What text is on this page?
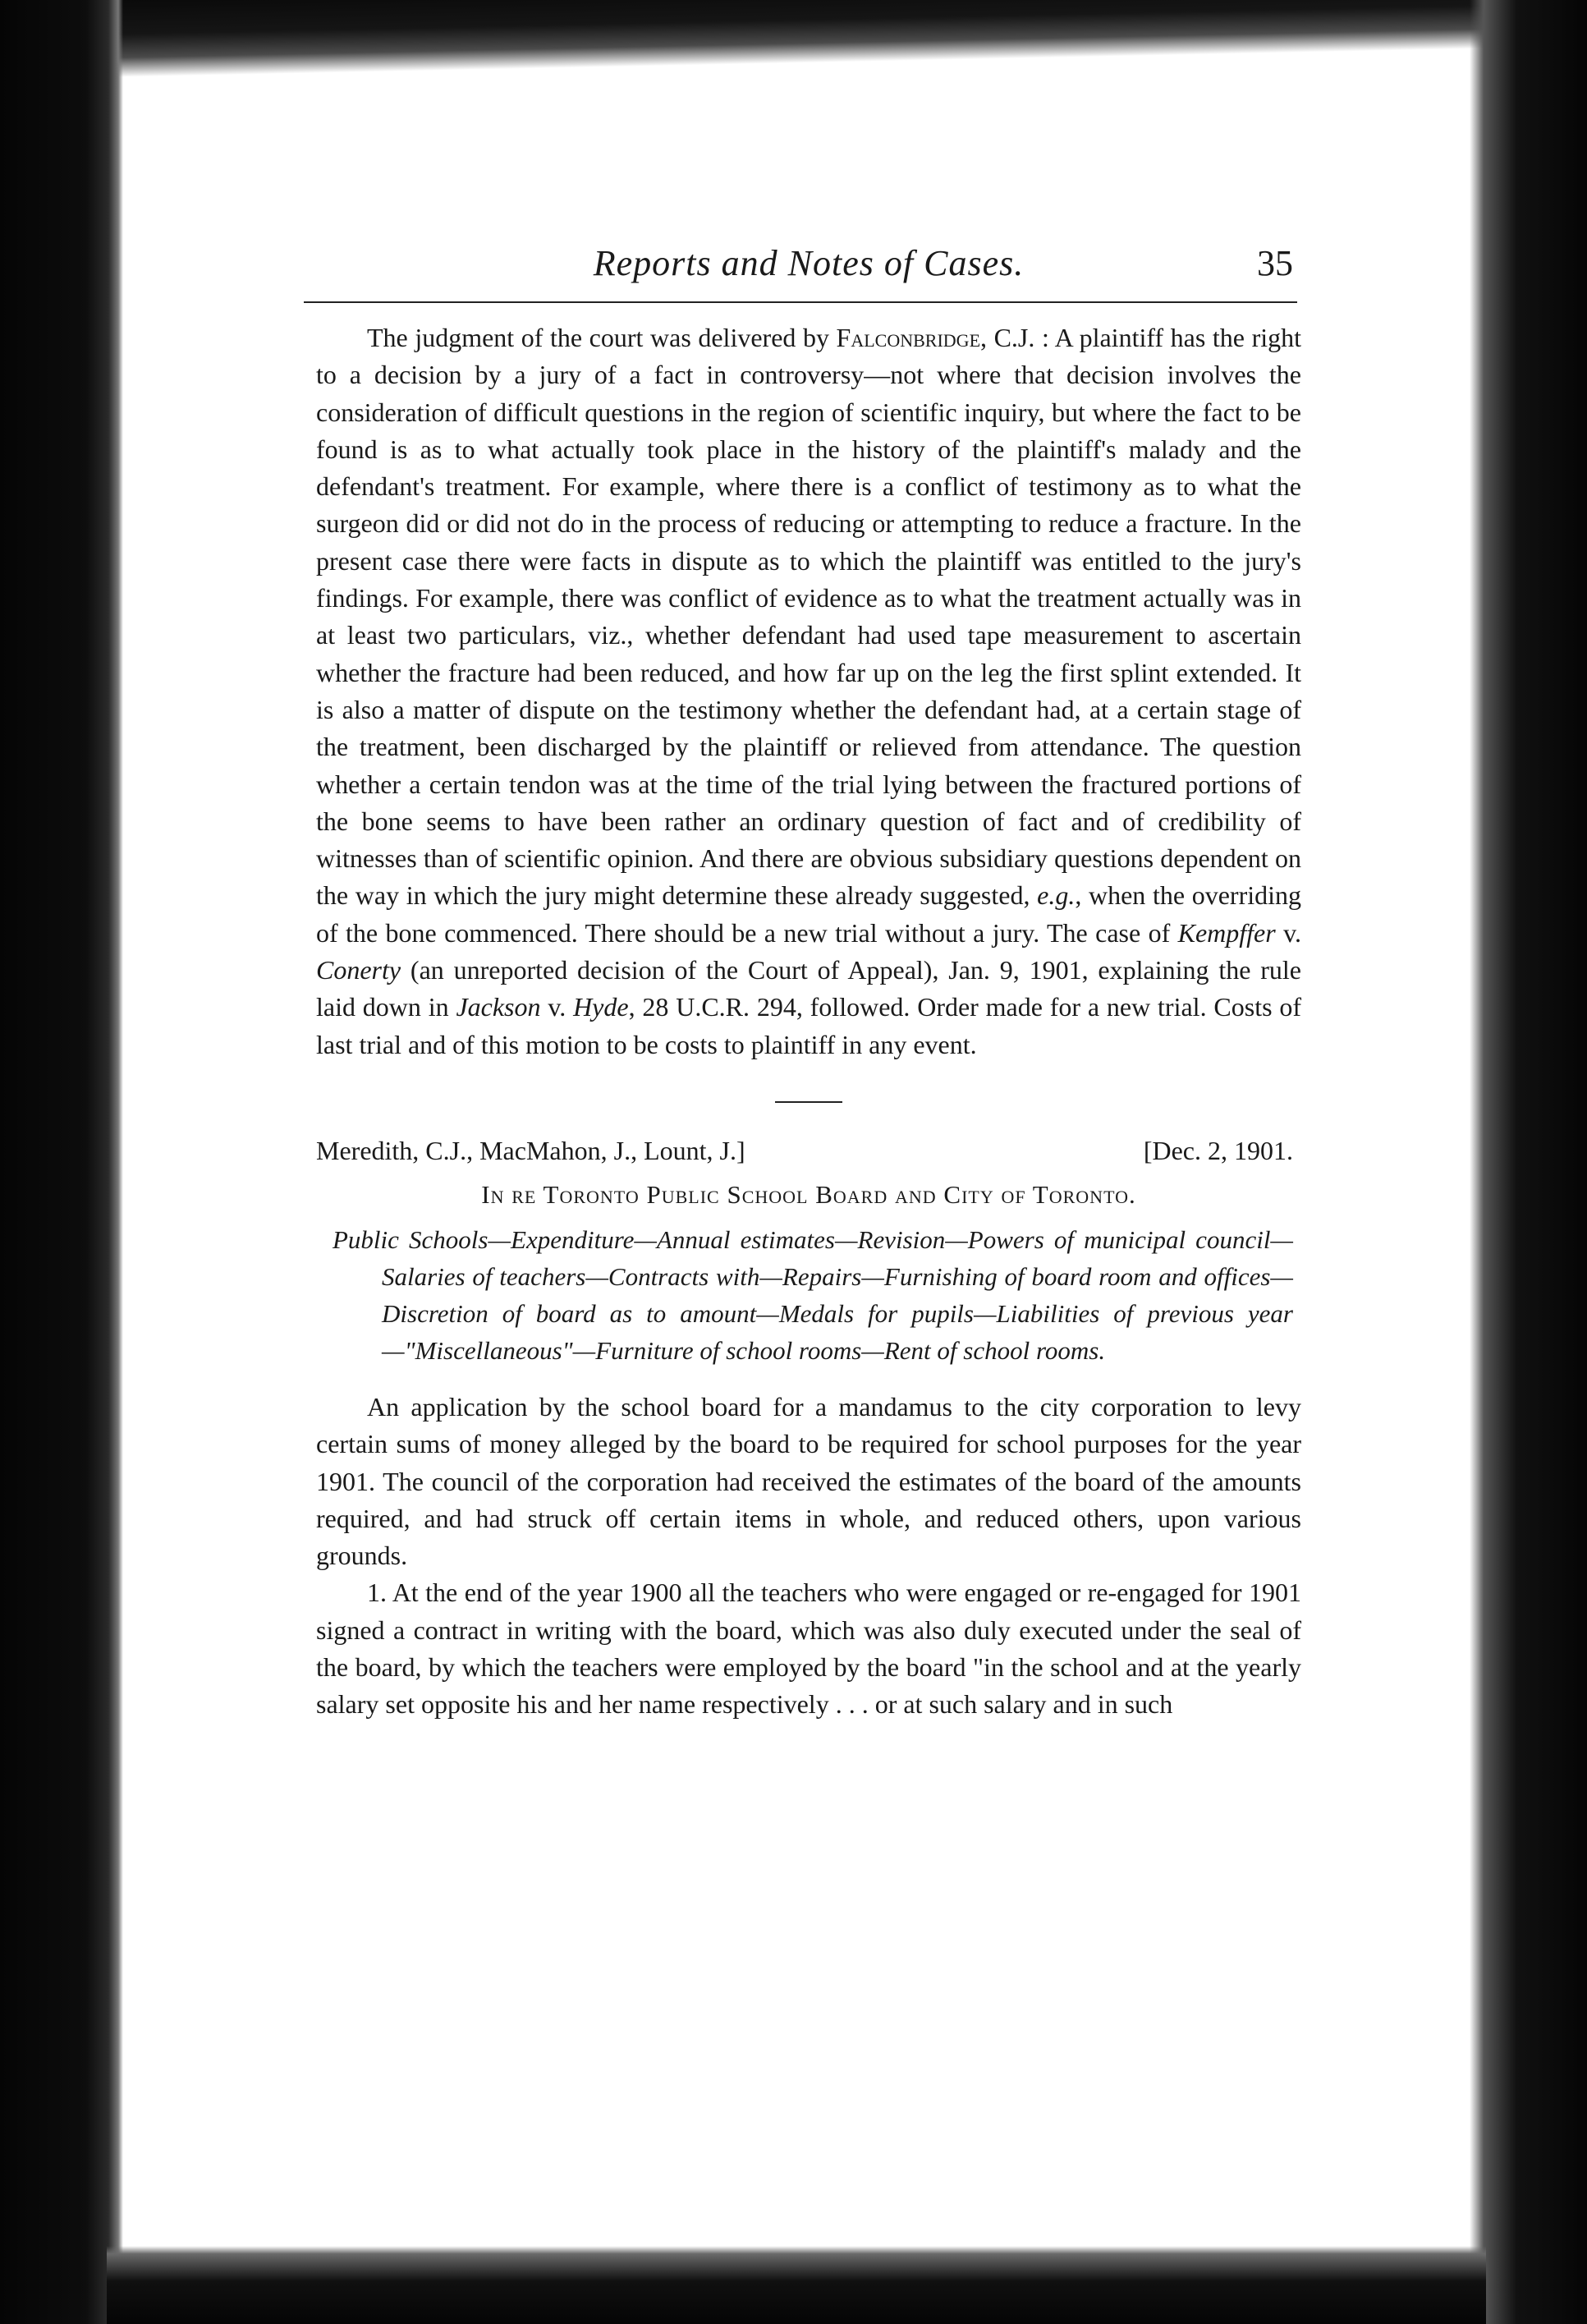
Reports and Notes of Cases.	35

The judgment of the court was delivered by Falconbridge, C.J. : A plaintiff has the right to a decision by a jury of a fact in controversy—not where that decision involves the consideration of difficult questions in the region of scientific inquiry, but where the fact to be found is as to what actually took place in the history of the plaintiff's malady and the defendant's treatment. For example, where there is a conflict of testimony as to what the surgeon did or did not do in the process of reducing or attempting to reduce a fracture. In the present case there were facts in dispute as to which the plaintiff was entitled to the jury's findings. For example, there was conflict of evidence as to what the treatment actually was in at least two particulars, viz., whether defendant had used tape measurement to ascertain whether the fracture had been reduced, and how far up on the leg the first splint extended. It is also a matter of dispute on the testimony whether the defendant had, at a certain stage of the treatment, been discharged by the plaintiff or relieved from attendance. The question whether a certain tendon was at the time of the trial lying between the fractured portions of the bone seems to have been rather an ordinary question of fact and of credibility of witnesses than of scientific opinion. And there are obvious subsidiary questions dependent on the way in which the jury might determine these already suggested, e.g., when the overriding of the bone commenced. There should be a new trial without a jury. The case of Kempffer v. Conerty (an unreported decision of the Court of Appeal), Jan. 9, 1901, explaining the rule laid down in Jackson v. Hyde, 28 U.C.R. 294, followed. Order made for a new trial. Costs of last trial and of this motion to be costs to plaintiff in any event.

Meredith, C.J., MacMahon, J., Lount, J.]	[Dec. 2, 1901.
In re Toronto Public School Board and City of Toronto.
Public Schools—Expenditure—Annual estimates—Revision—Powers of municipal council—Salaries of teachers—Contracts with—Repairs—Furnishing of board room and offices—Discretion of board as to amount—Medals for pupils—Liabilities of previous year—"Miscellaneous"—Furniture of school rooms—Rent of school rooms.

An application by the school board for a mandamus to the city corporation to levy certain sums of money alleged by the board to be required for school purposes for the year 1901. The council of the corporation had received the estimates of the board of the amounts required, and had struck off certain items in whole, and reduced others, upon various grounds.

1. At the end of the year 1900 all the teachers who were engaged or re-engaged for 1901 signed a contract in writing with the board, which was also duly executed under the seal of the board, by which the teachers were employed by the board "in the school and at the yearly salary set opposite his and her name respectively . . . or at such salary and in such
